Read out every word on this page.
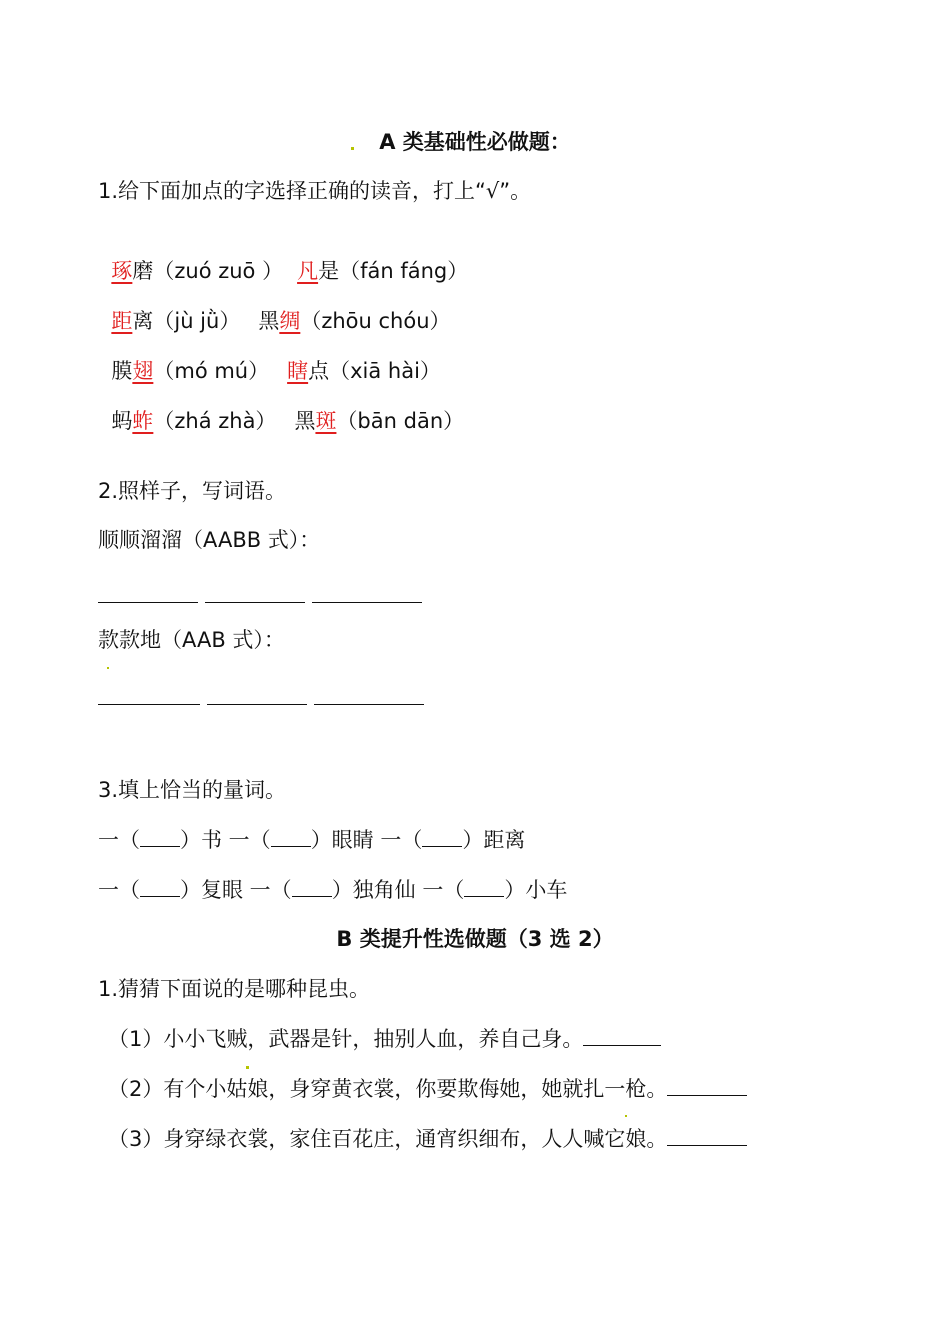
A 类基础性必做题：
1.给下面加点的字选择正确的读音，打上“√”。

琢磨（zuó zuō ） 凡是（fán fáng）

距离（jù jǜ） 黑绸（zhōu chóu）

膜翅（mó mú） 瞎点（xiā hài）

蚂蚱（zhá zhà） 黑斑（bān dān）

2.照样子，写词语。
顺顺溜溜（AABB 式）：
款款地（AAB 式）：
3.填上恰当的量词。
一（ ）书 一（ ）眼睛 一（ ）距离
一（ ）复眼 一（ ）独角仙 一（ ）小车
B 类提升性选做题（3 选 2）
1.猜猜下面说的是哪种昆虫。
（1）小小飞贼，武器是针，抽别人血，养自己身。
（2）有个小姑娘，身穿黄衣裳，你要欺侮她，她就扎一枪。
（3）身穿绿衣裳，家住百花庄，通宵织细布，人人喊它娘。
